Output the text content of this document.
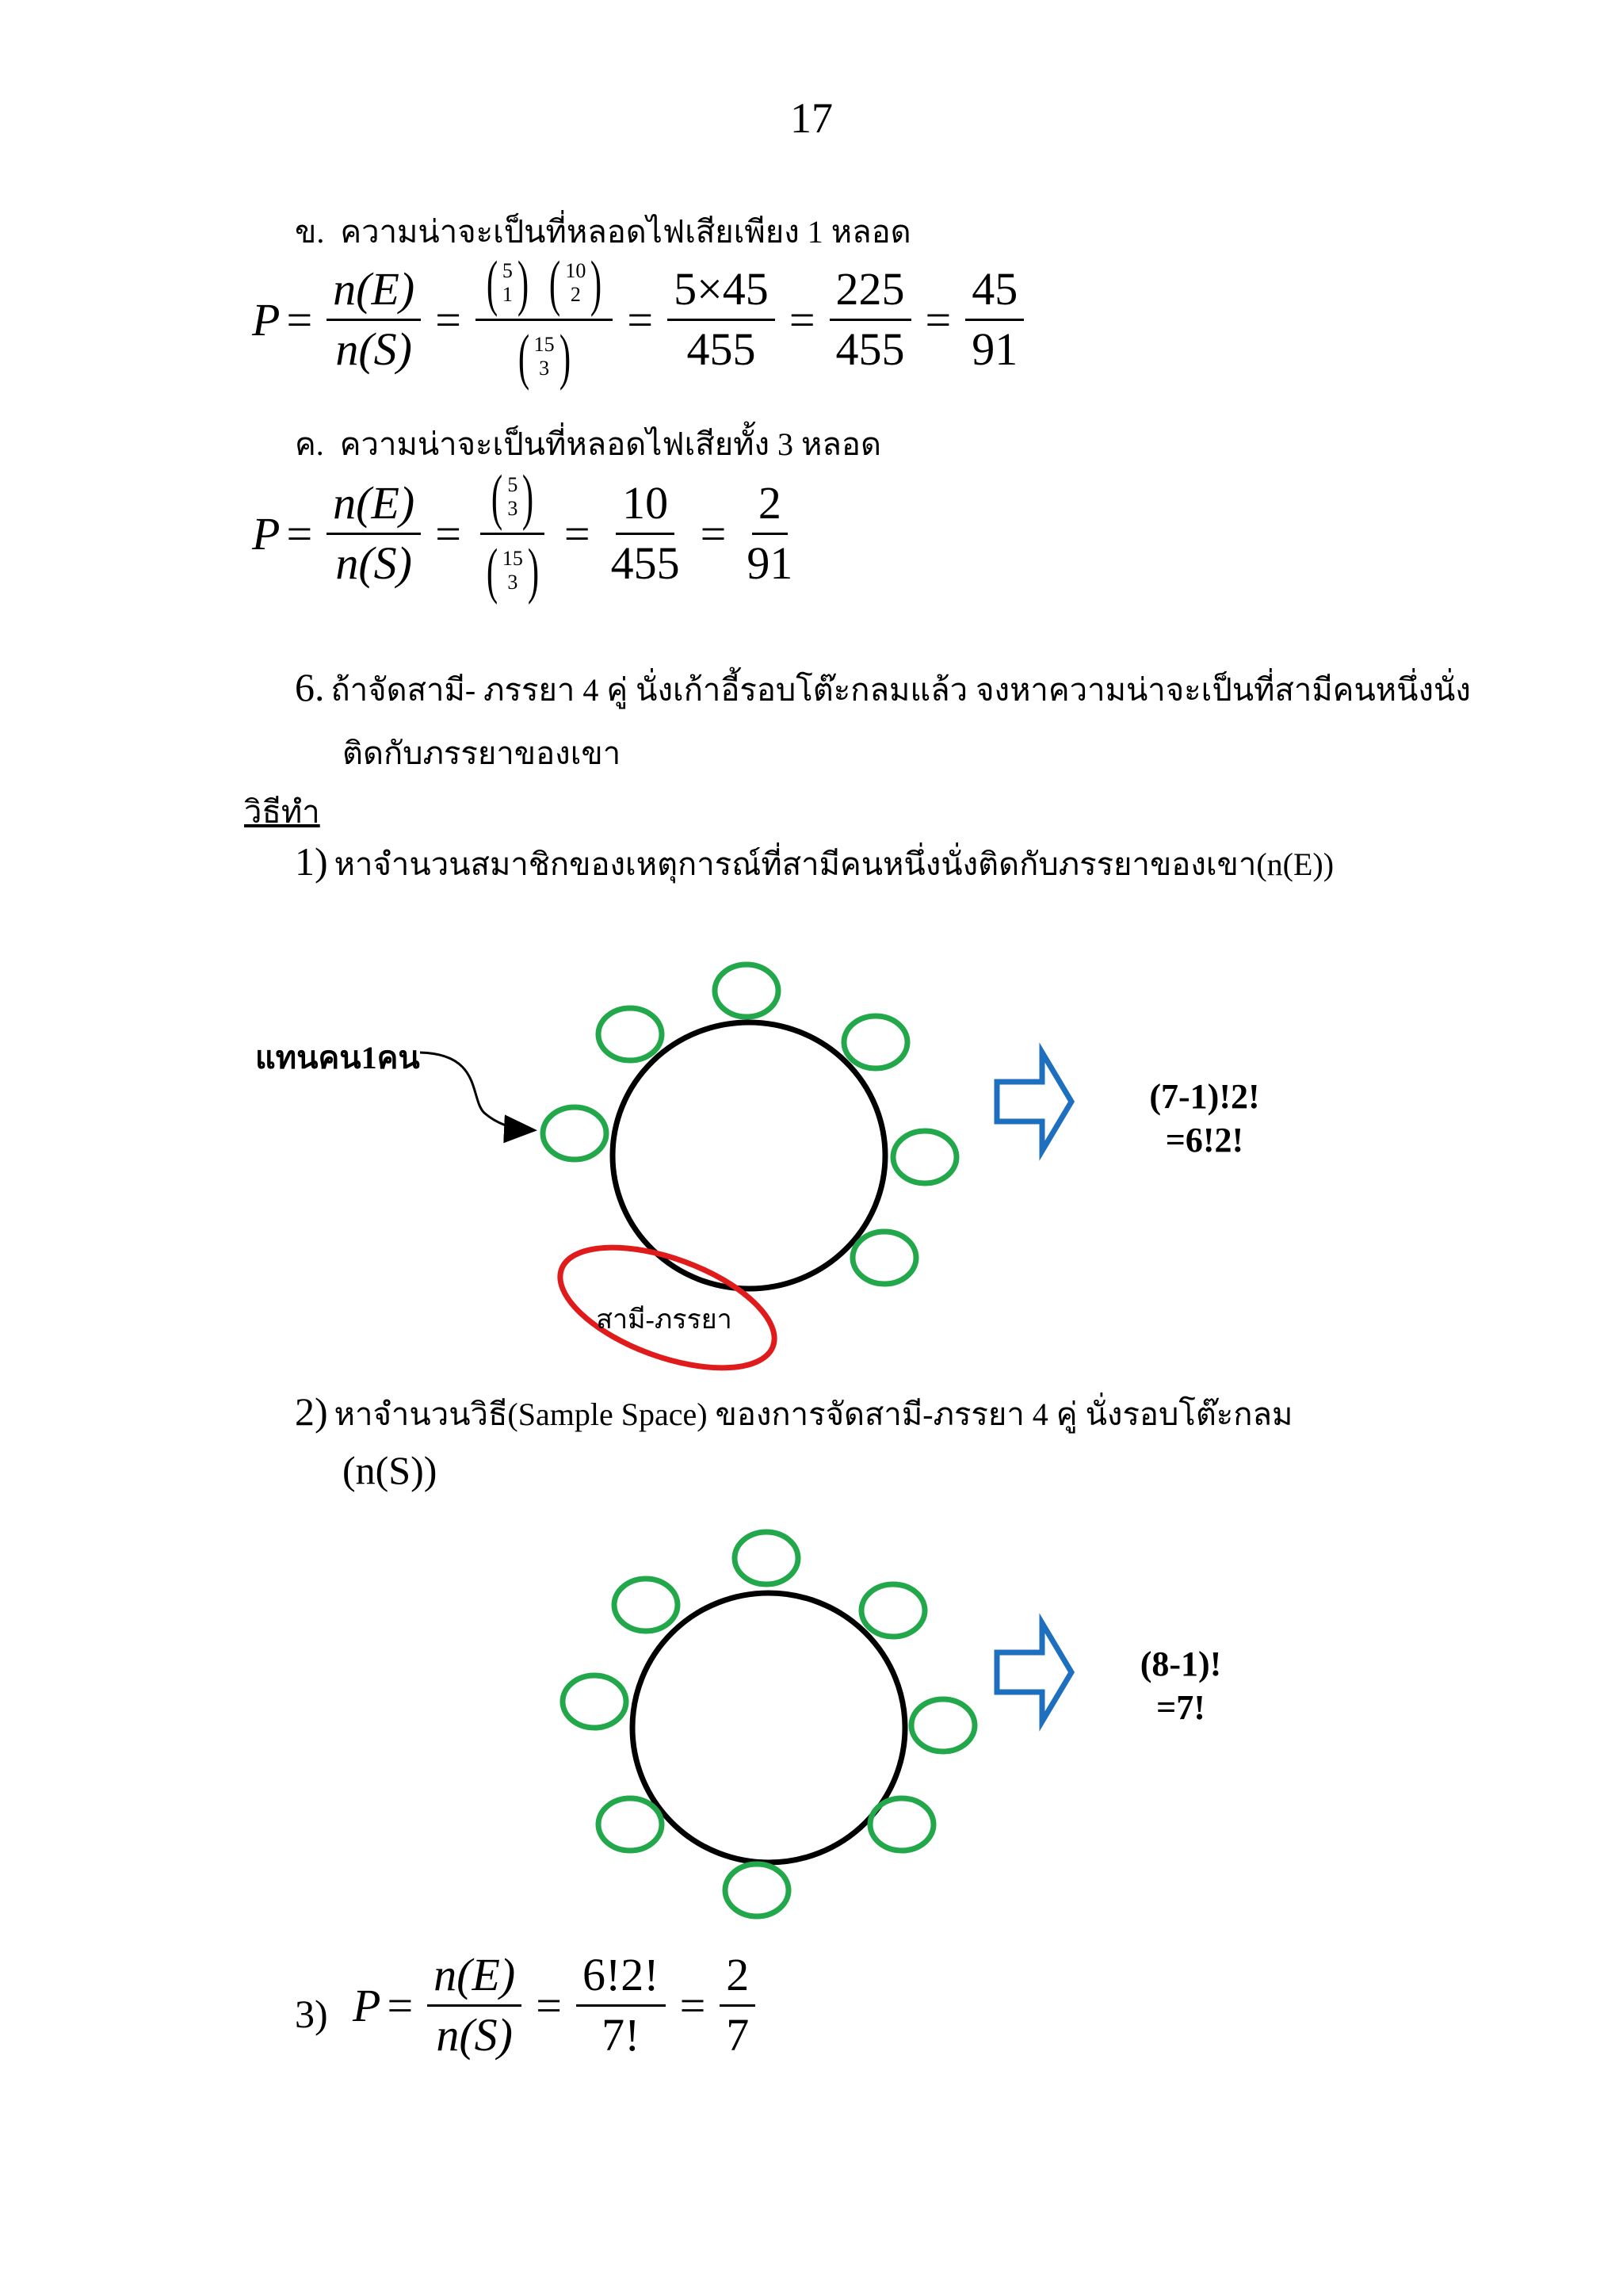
17
ข. ความน่าจะเป็นที่หลอดไฟเสียเพียง 1 หลอด
$P = \frac{n(E)}{n(S)}$ =
( 5
1 )
( 10
2 )
( 15
3 )
= $\frac{5\times 45}{455} = \frac{225}{455} = \frac{45}{91}$
ค. ความน่าจะเป็นที่หลอดไฟเสียทั้ง 3 หลอด
$P = \frac{n(E)}{n(S)}$ = ( 5
3 )
( 15
3 ) = $\frac{10}{455} = \frac{2}{91}$
6. ถ้าจัดสามี- ภรรยา 4 คู่ นั่งเก้าอี้รอบโต๊ะกลมแล้ว จงหาความน่าจะเป็นที่สามีคนหนึ่งนั่ง
ติดกับภรรยาของเขา
วิธีทำ
1) หาจำนวนสมาชิกของเหตุการณ์ที่สามีคนหนึ่งนั่งติดกับภรรยาของเขา(n(E))
สามี-ภรรยา
แทนคน1คน
(7-1)!2!
=6!2!
2) หาจำนวนวิธี(Sample Space) ของการจัดสามี-ภรรยา 4 คู่ นั่งรอบโต๊ะกลม
(n(S))
(8-1)!
=7!
3) $P = \frac{n(E)}{n(S)} = \frac{6!2!}{7!} = \frac{2}{7}$
